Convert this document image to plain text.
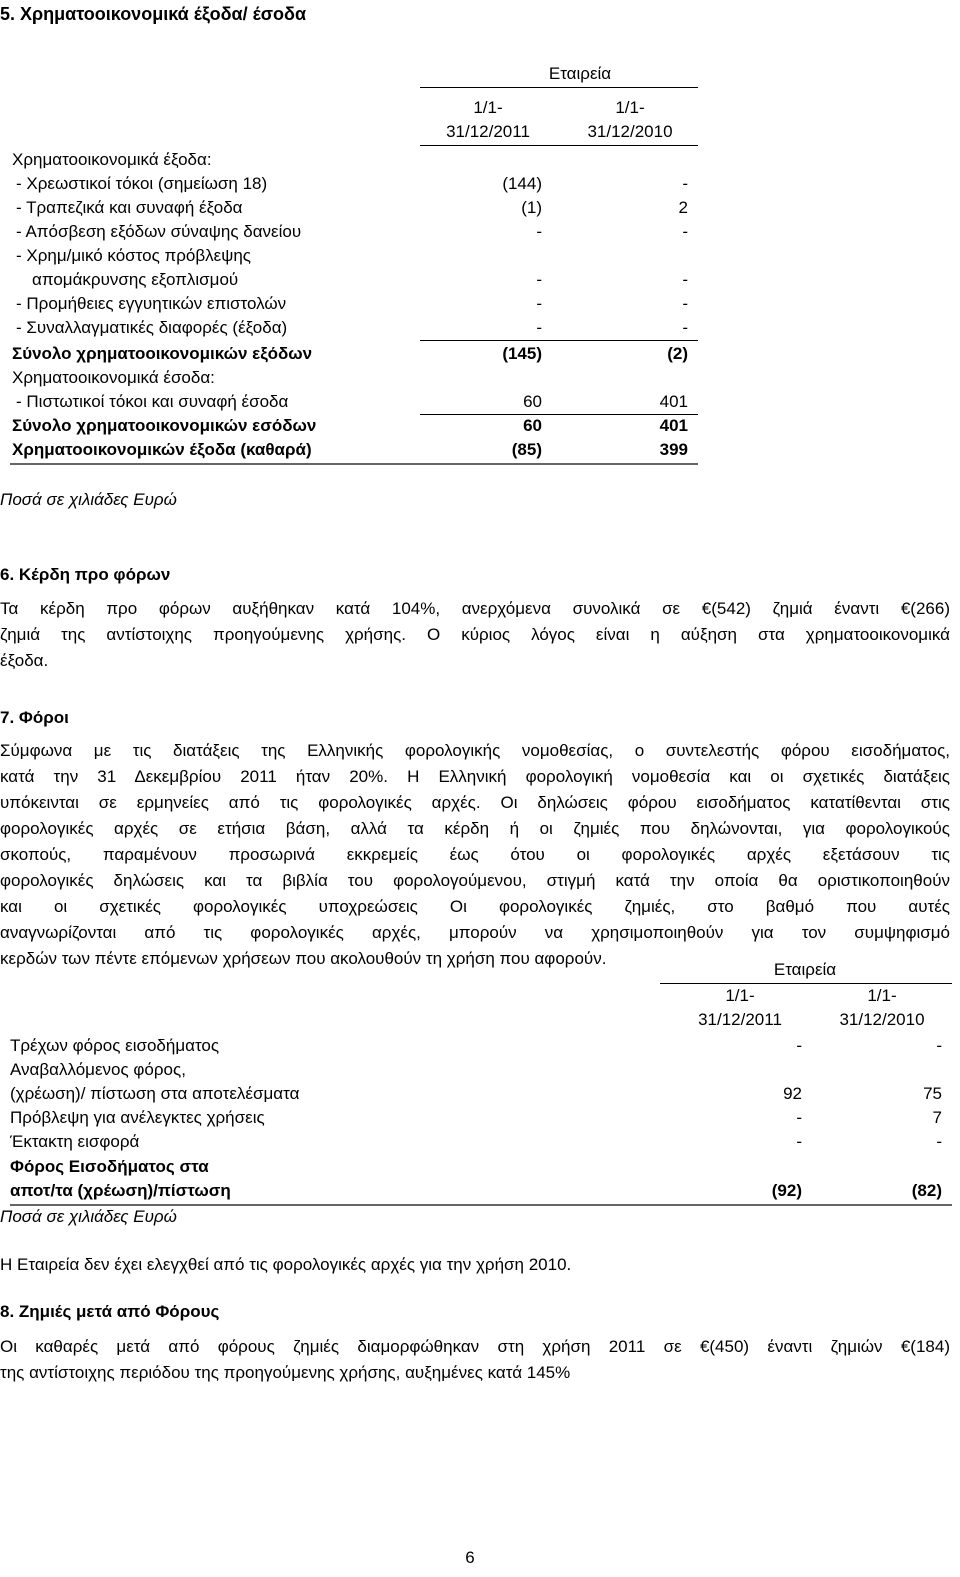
5. Χρηματοοικονομικά έξοδα/ έσοδα
Εταιρεία
1/1-
31/12/2011
1/1-
31/12/2010
Χρηματοοικονομικά έξοδα:
- Χρεωστικοί τόκοι (σημείωση 18)	(144)	-
- Τραπεζικά και συναφή έξοδα	(1)	2
- Απόσβεση εξόδων σύναψης δανείου	-	-
- Χρημ/μικό κόστος πρόβλεψης
απομάκρυνσης εξοπλισμού	-	-
- Προμήθειες εγγυητικών επιστολών	-	-
- Συναλλαγματικές διαφορές (έξοδα)	-	-
Σύνολο χρηματοοικονομικών εξόδων	(145)	(2)
Χρηματοοικονομικά έσοδα:
- Πιστωτικοί τόκοι και συναφή έσοδα	60	401
Σύνολο χρηματοοικονομικών εσόδων	60	401
Χρηματοοικονομικών έξοδα (καθαρά)	(85)	399
Ποσά σε χιλιάδες Ευρώ
6. Κέρδη προ φόρων
Τα κέρδη προ φόρων αυξήθηκαν κατά 104%, ανερχόμενα συνολικά σε €(542) ζημιά έναντι €(266)
ζημιά της αντίστοιχης προηγούμενης χρήσης. Ο κύριος λόγος είναι η αύξηση στα χρηματοοικονομικά
έξοδα.
7. Φόροι
Σύμφωνα με τις διατάξεις της Ελληνικής φορολογικής νομοθεσίας, ο συντελεστής φόρου εισοδήματος,
κατά την 31 Δεκεμβρίου 2011 ήταν 20%. Η Ελληνική φορολογική νομοθεσία και οι σχετικές διατάξεις
υπόκεινται σε ερμηνείες από τις φορολογικές αρχές. Οι δηλώσεις φόρου εισοδήματος κατατίθενται στις
φορολογικές αρχές σε ετήσια βάση, αλλά τα κέρδη ή οι ζημιές που δηλώνονται, για φορολογικούς
σκοπούς, παραμένουν προσωρινά εκκρεμείς έως ότου οι φορολογικές αρχές εξετάσουν τις
φορολογικές δηλώσεις και τα βιβλία του φορολογούμενου, στιγμή κατά την οποία θα οριστικοποιηθούν
και οι σχετικές φορολογικές υποχρεώσεις Οι φορολογικές ζημιές, στο βαθμό που αυτές
αναγνωρίζονται από τις φορολογικές αρχές, μπορούν να χρησιμοποιηθούν για τον συμψηφισμό
κερδών των πέντε επόμενων χρήσεων που ακολουθούν τη χρήση που αφορούν.
Εταιρεία
1/1-
31/12/2011
1/1-
31/12/2010
Τρέχων φόρος εισοδήματος	-	-
Αναβαλλόμενος φόρος,
(χρέωση)/ πίστωση στα αποτελέσματα	92	75
Πρόβλεψη για ανέλεγκτες χρήσεις	-	7
Έκτακτη εισφορά	-	-
Φόρος Εισοδήματος στα
αποτ/τα (χρέωση)/πίστωση	(92)	(82)
Ποσά σε χιλιάδες Ευρώ
Η Εταιρεία δεν έχει ελεγχθεί από τις φορολογικές αρχές για την χρήση 2010.
8. Ζημιές μετά από Φόρους
Οι καθαρές μετά από φόρους ζημιές διαμορφώθηκαν στη χρήση 2011 σε €(450) έναντι ζημιών €(184)
της αντίστοιχης περιόδου της προηγούμενης χρήσης, αυξημένες κατά 145%
6
